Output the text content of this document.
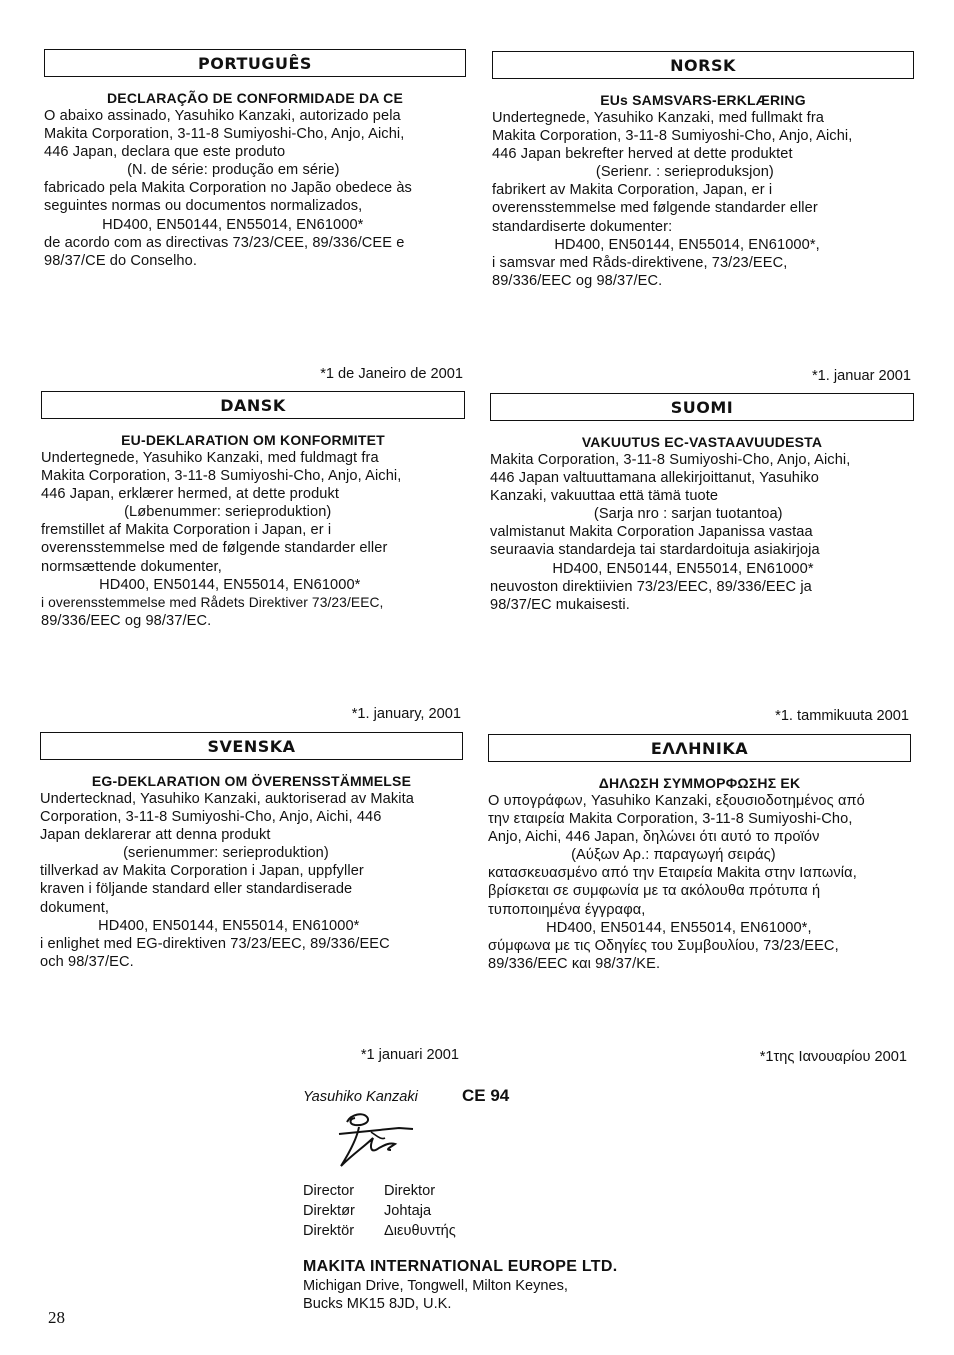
PORTUGUÊS
DECLARAÇÃO DE CONFORMIDADE DA CE
O abaixo assinado, Yasuhiko Kanzaki, autorizado pela
Makita Corporation, 3-11-8 Sumiyoshi-Cho, Anjo, Aichi,
446 Japan, declara que este produto
(N. de série: produção em série)
fabricado pela Makita Corporation no Japão obedece às
seguintes normas ou documentos normalizados,
HD400, EN50144, EN55014, EN61000*
de acordo com as directivas 73/23/CEE, 89/336/CEE e
98/37/CE do Conselho.
*1 de Janeiro de 2001
NORSK
EUs SAMSVARS-ERKLÆRING
Undertegnede, Yasuhiko Kanzaki, med fullmakt fra
Makita Corporation, 3-11-8 Sumiyoshi-Cho, Anjo, Aichi,
446 Japan bekrefter herved at dette produktet
(Serienr. : serieproduksjon)
fabrikert av Makita Corporation, Japan, er i
overensstemmelse med følgende standarder eller
standardiserte dokumenter:
HD400, EN50144, EN55014, EN61000*,
i samsvar med Råds-direktivene, 73/23/EEC,
89/336/EEC og 98/37/EC.
*1. januar 2001
DANSK
EU-DEKLARATION OM KONFORMITET
Undertegnede, Yasuhiko Kanzaki, med fuldmagt fra
Makita Corporation, 3-11-8 Sumiyoshi-Cho, Anjo, Aichi,
446 Japan, erklærer hermed, at dette produkt
(Løbenummer: serieproduktion)
fremstillet af Makita Corporation i Japan, er i
overensstemmelse med de følgende standarder eller
normsættende dokumenter,
HD400, EN50144, EN55014, EN61000*
i overensstemmelse med Rådets Direktiver 73/23/EEC,
89/336/EEC og 98/37/EC.
*1. january, 2001
SUOMI
VAKUUTUS EC-VASTAAVUUDESTA
Makita Corporation, 3-11-8 Sumiyoshi-Cho, Anjo, Aichi,
446 Japan valtuuttamana allekirjoittanut, Yasuhiko
Kanzaki, vakuuttaa että tämä tuote
(Sarja nro : sarjan tuotantoa)
valmistanut Makita Corporation Japanissa vastaa
seuraavia standardeja tai stardardoituja asiakirjoja
HD400, EN50144, EN55014, EN61000*
neuvoston direktiivien 73/23/EEC, 89/336/EEC ja
98/37/EC mukaisesti.
*1. tammikuuta 2001
SVENSKA
EG-DEKLARATION OM ÖVERENSSTÄMMELSE
Undertecknad, Yasuhiko Kanzaki, auktoriserad av Makita
Corporation, 3-11-8 Sumiyoshi-Cho, Anjo, Aichi, 446
Japan deklarerar att denna produkt
(serienummer: serieproduktion)
tillverkad av Makita Corporation i Japan, uppfyller
kraven i följande standard eller standardiserade
dokument,
HD400, EN50144, EN55014, EN61000*
i enlighet med EG-direktiven 73/23/EEC, 89/336/EEC
och 98/37/EC.
*1 januari 2001
ΕΛΛΗΝΙΚΑ
ΔΗΛΩΣΗ ΣΥΜΜΟΡΦΩΣΗΣ ΕΚ
Ο υπογράφων, Yasuhiko Kanzaki, εξουσιοδοτημένος από
την εταιρεία Makita Corporation, 3-11-8 Sumiyoshi-Cho,
Anjo, Aichi, 446 Japan, δηλώνει ότι αυτό το προϊόν
(Αύξων Αρ.: παραγωγή σειράς)
κατασκευασμένο από την Εταιρεία Makita στην Ιαπωνία,
βρίσκεται σε συμφωνία με τα ακόλουθα πρότυπα ή
τυποποιημένα έγγραφα,
HD400, EN50144, EN55014, EN61000*,
σύμφωνα με τις Οδηγίες του Συμβουλίου, 73/23/EEC,
89/336/EEC και 98/37/KE.
*1της Ιανουαρίου 2001
Yasuhiko Kanzaki	CE 94
Director	Direktor
Direktør	Johtaja
Direktör	Διευθυντής
MAKITA INTERNATIONAL EUROPE LTD.
Michigan Drive, Tongwell, Milton Keynes,
Bucks MK15 8JD, U.K.
28
